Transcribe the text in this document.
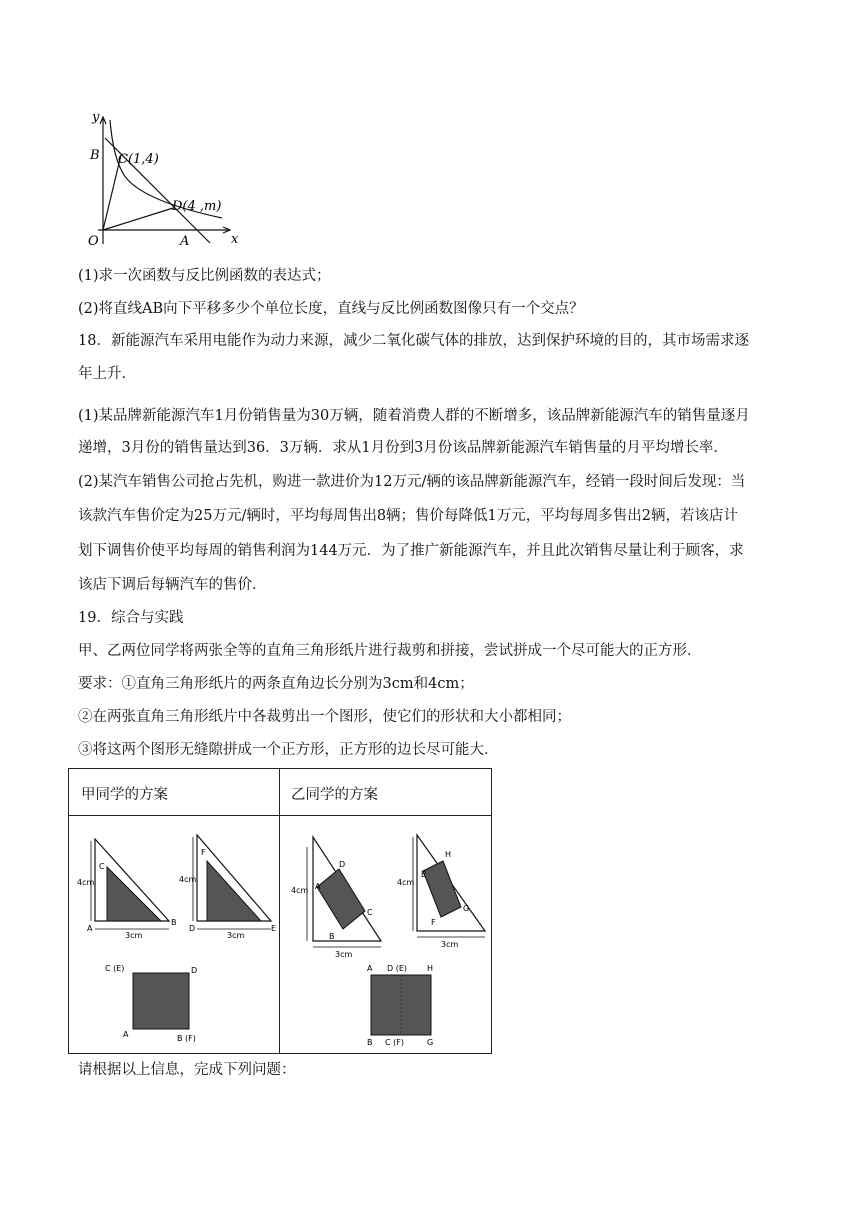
y
x
B C(1,4)
D(4 ,m)
O	A
(1)求一次函数与反比例函数的表达式；
(2)将直线AB向下平移多少个单位长度，直线与反比例函数图像只有一个交点？
18．新能源汽车采用电能作为动力来源，减少二氧化碳气体的排放，达到保护环境的目的，其市场需求逐
年上升．
(1)某品牌新能源汽车1月份销售量为30万辆，随着消费人群的不断增多，该品牌新能源汽车的销售量逐月
递增，3月份的销售量达到36．3万辆．求从1月份到3月份该品牌新能源汽车销售量的月平均增长率．
(2)某汽车销售公司抢占先机，购进一款进价为12万元/辆的该品牌新能源汽车，经销一段时间后发现：当
该款汽车售价定为25万元/辆时，平均每周售出8辆；售价每降低1万元，平均每周多售出2辆，若该店计
划下调售价使平均每周的销售利润为144万元．为了推广新能源汽车，并且此次销售尽量让利于顾客，求
该店下调后每辆汽车的售价．
19．综合与实践
甲、乙两位同学将两张全等的直角三角形纸片进行裁剪和拼接，尝试拼成一个尽可能大的正方形．
要求：①直角三角形纸片的两条直角边长分别为3cm和4cm；
②在两张直角三角形纸片中各裁剪出一个图形，使它们的形状和大小都相同；
③将这两个图形无缝隙拼成一个正方形，正方形的边长尽可能大．
甲同学的方案	乙同学的方案
4cm
3cm
C
A
B
4cm
3cm
F
D	E
C (E)	D
A	B (F)
4cm
3cm
A
D
C
B
4cm
3cm
H
E
G
F
A D (E)	H
B C (F)	G
请根据以上信息，完成下列问题：
